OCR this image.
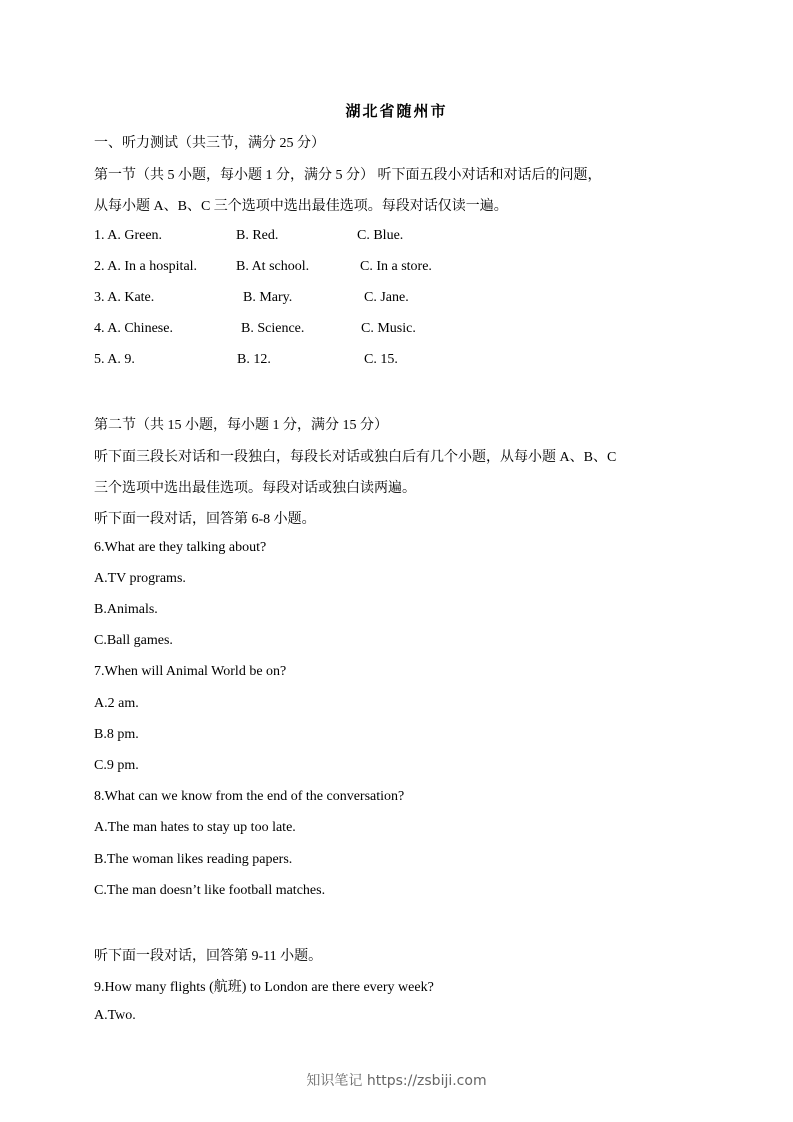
湖北省随州市
一、听力测试（共三节，满分 25 分）
第一节（共 5 小题，每小题 1 分，满分 5 分） 听下面五段小对话和对话后的问题，
从每小题 A、B、C 三个选项中选出最佳选项。每段对话仅读一遍。
1. A. Green.	B. Red.	C. Blue.
2. A. In a hospital.	B. At school.	C. In a store.
3. A. Kate.	B. Mary.	C. Jane.
4. A. Chinese.	B. Science.	C. Music.
5. A. 9.	B. 12.	C. 15.
第二节（共 15 小题，每小题 1 分，满分 15 分）
听下面三段长对话和一段独白，每段长对话或独白后有几个小题，从每小题 A、B、C
三个选项中选出最佳选项。每段对话或独白读两遍。
听下面一段对话，回答第 6-8 小题。
6.What are they talking about?
A.TV programs.
B.Animals.
C.Ball games.
7.When will Animal World be on?
A.2 am.
B.8 pm.
C.9 pm.
8.What can we know from the end of the conversation?
A.The man hates to stay up too late.
B.The woman likes reading papers.
C.The man doesn’t like football matches.
听下面一段对话，回答第 9-11 小题。
9.How many flights (航班) to London are there every week?
A.Two.
知识笔记 https://zsbiji.com
